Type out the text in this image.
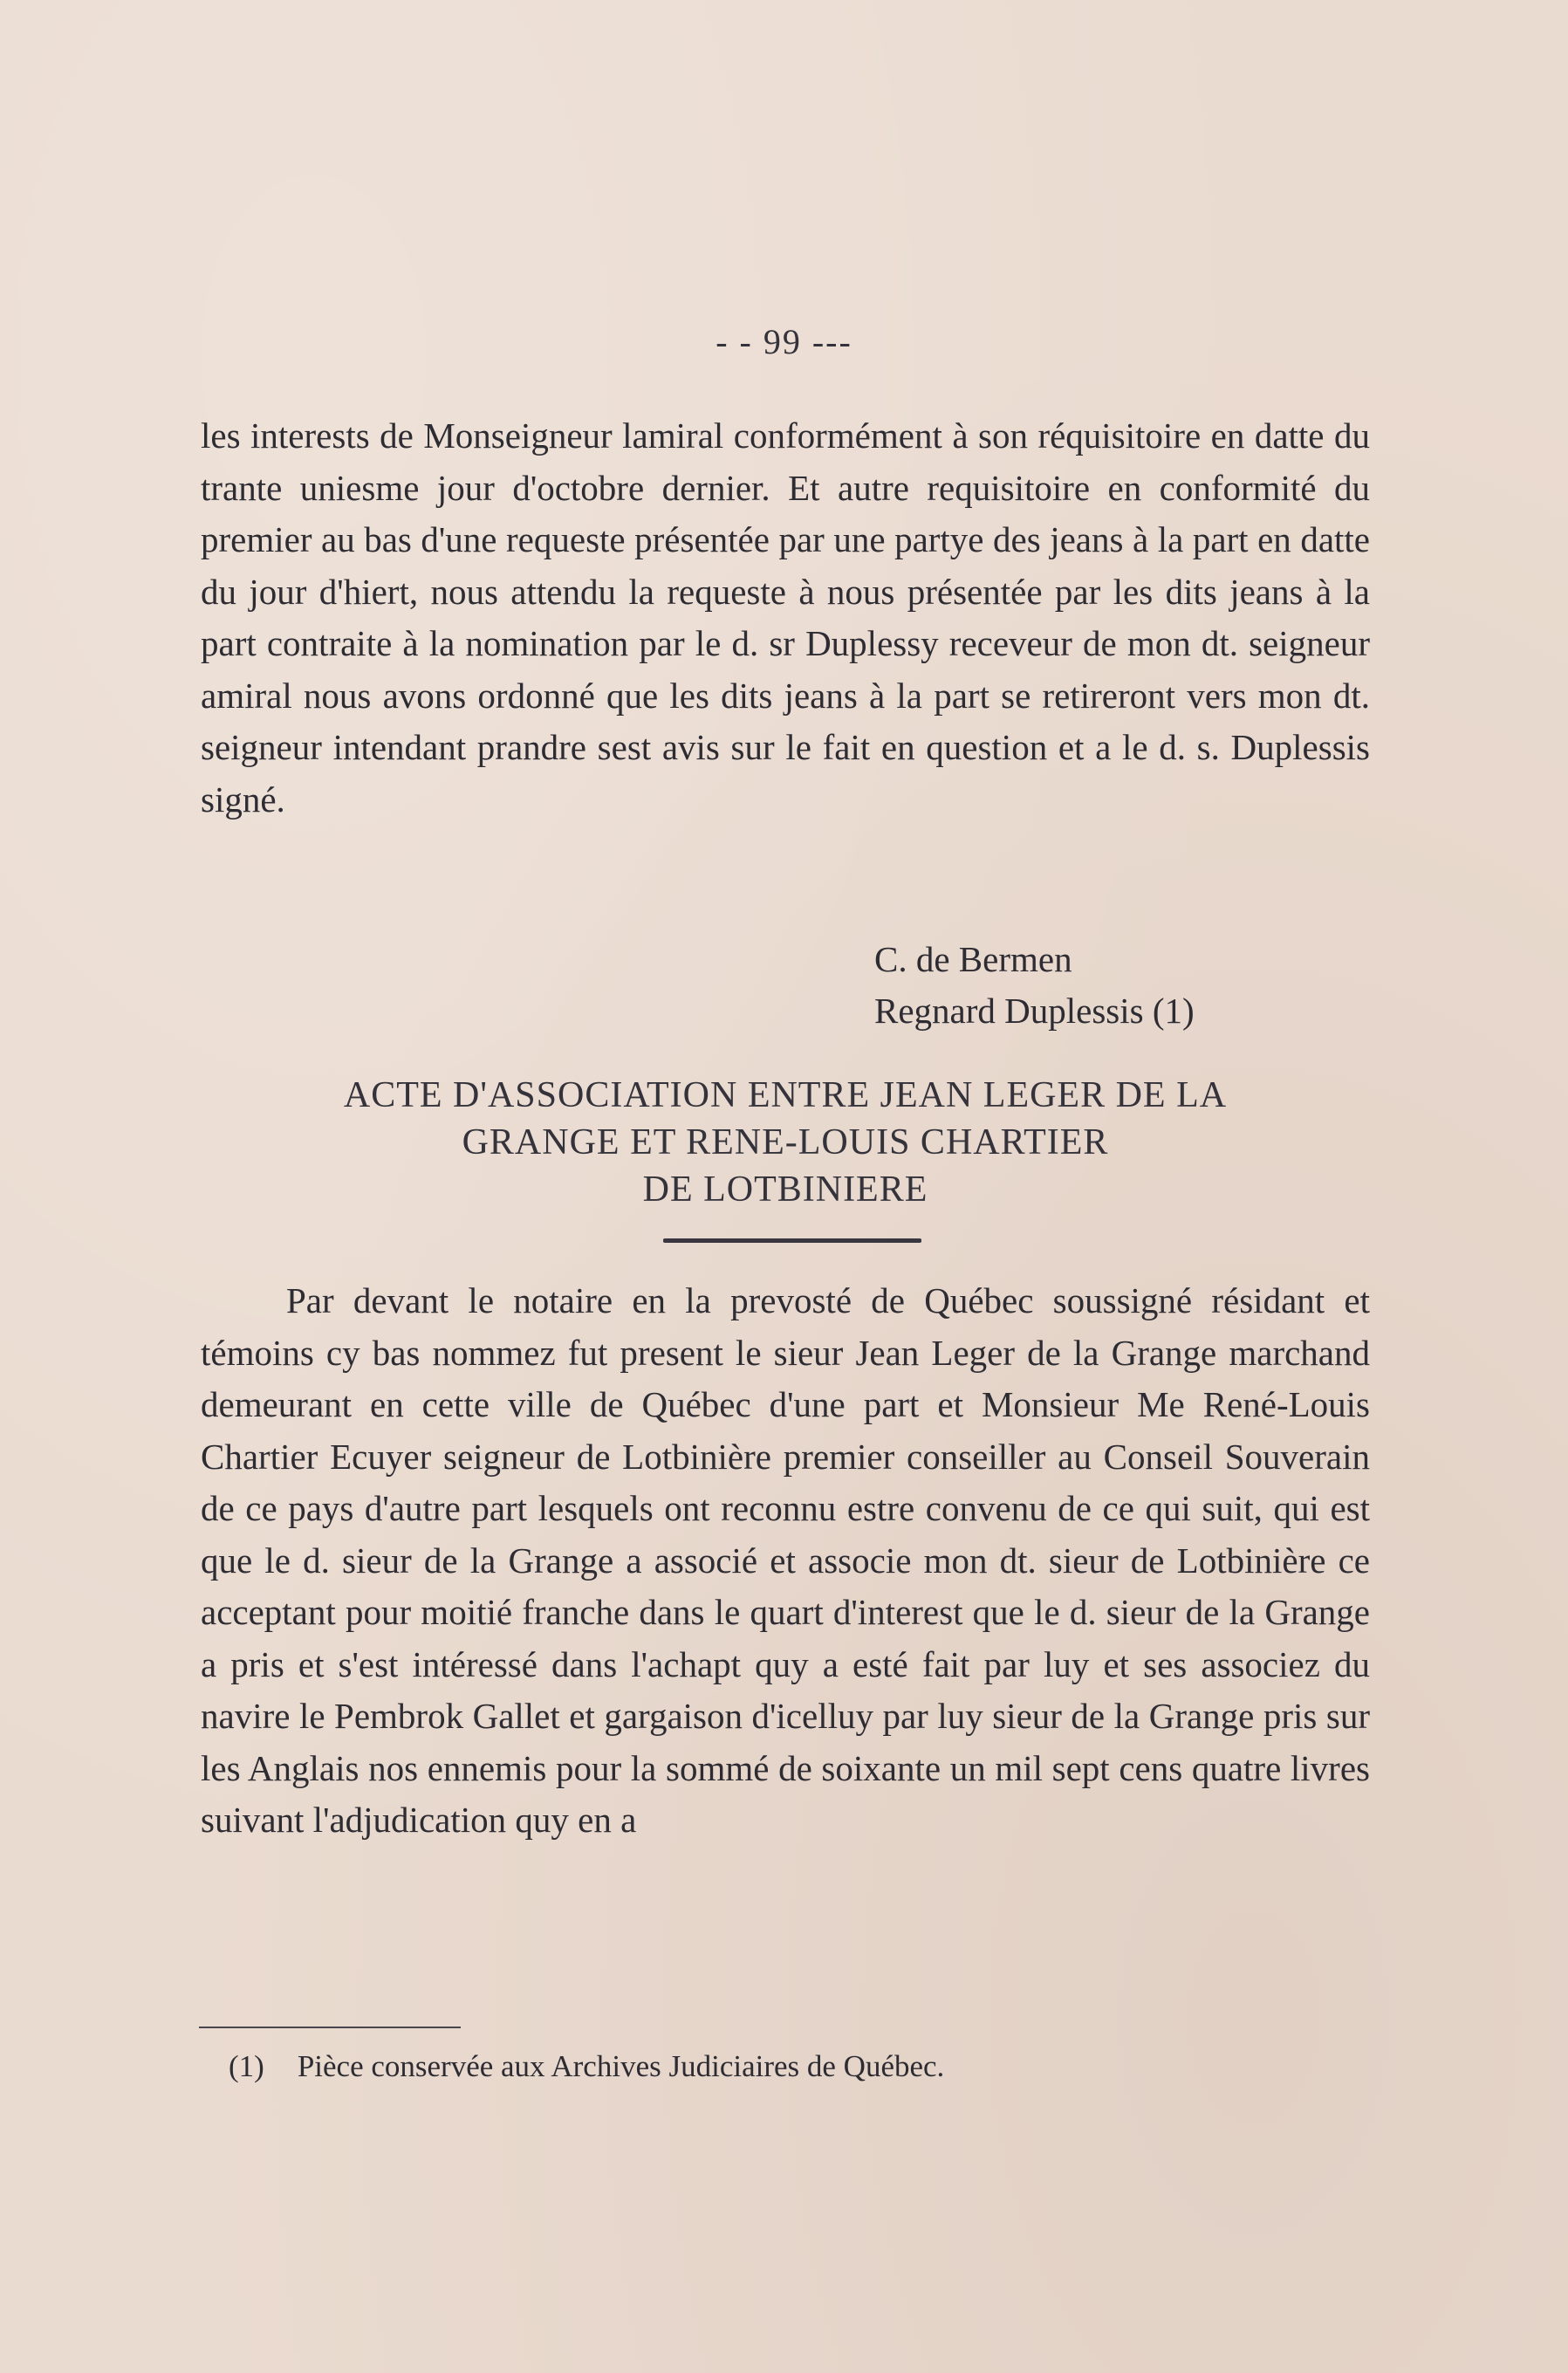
- - 99 ---

les interests de Monseigneur lamiral conformément à son réquisitoire en datte du trante uniesme jour d'octobre dernier. Et autre requisitoire en conformité du premier au bas d'une requeste présentée par une partye des jeans à la part en datte du jour d'hiert, nous attendu la requeste à nous présentée par les dits jeans à la part contraite à la nomination par le d. sr Duplessy receveur de mon dt. seigneur amiral nous avons ordonné que les dits jeans à la part se retireront vers mon dt. seigneur intendant prandre sest avis sur le fait en question et a le d. s. Duplessis signé.

C. de Bermen
Regnard Duplessis (1)
ACTE D'ASSOCIATION ENTRE JEAN LEGER DE LA
GRANGE ET RENE-LOUIS CHARTIER
DE LOTBINIERE

Par devant le notaire en la prevosté de Québec soussigné résidant et témoins cy bas nommez fut present le sieur Jean Leger de la Grange marchand demeurant en cette ville de Québec d'une part et Monsieur Me René-Louis Chartier Ecuyer seigneur de Lotbinière premier conseiller au Conseil Souverain de ce pays d'autre part lesquels ont reconnu estre convenu de ce qui suit, qui est que le d. sieur de la Grange a associé et associe mon dt. sieur de Lotbinière ce acceptant pour moitié franche dans le quart d'interest que le d. sieur de la Grange a pris et s'est intéressé dans l'achapt quy a esté fait par luy et ses associez du navire le Pembrok Gallet et gargaison d'icelluy par luy sieur de la Grange pris sur les Anglais nos ennemis pour la sommé de soixante un mil sept cens quatre livres suivant l'adjudication quy en a

(1) Pièce conservée aux Archives Judiciaires de Québec.
